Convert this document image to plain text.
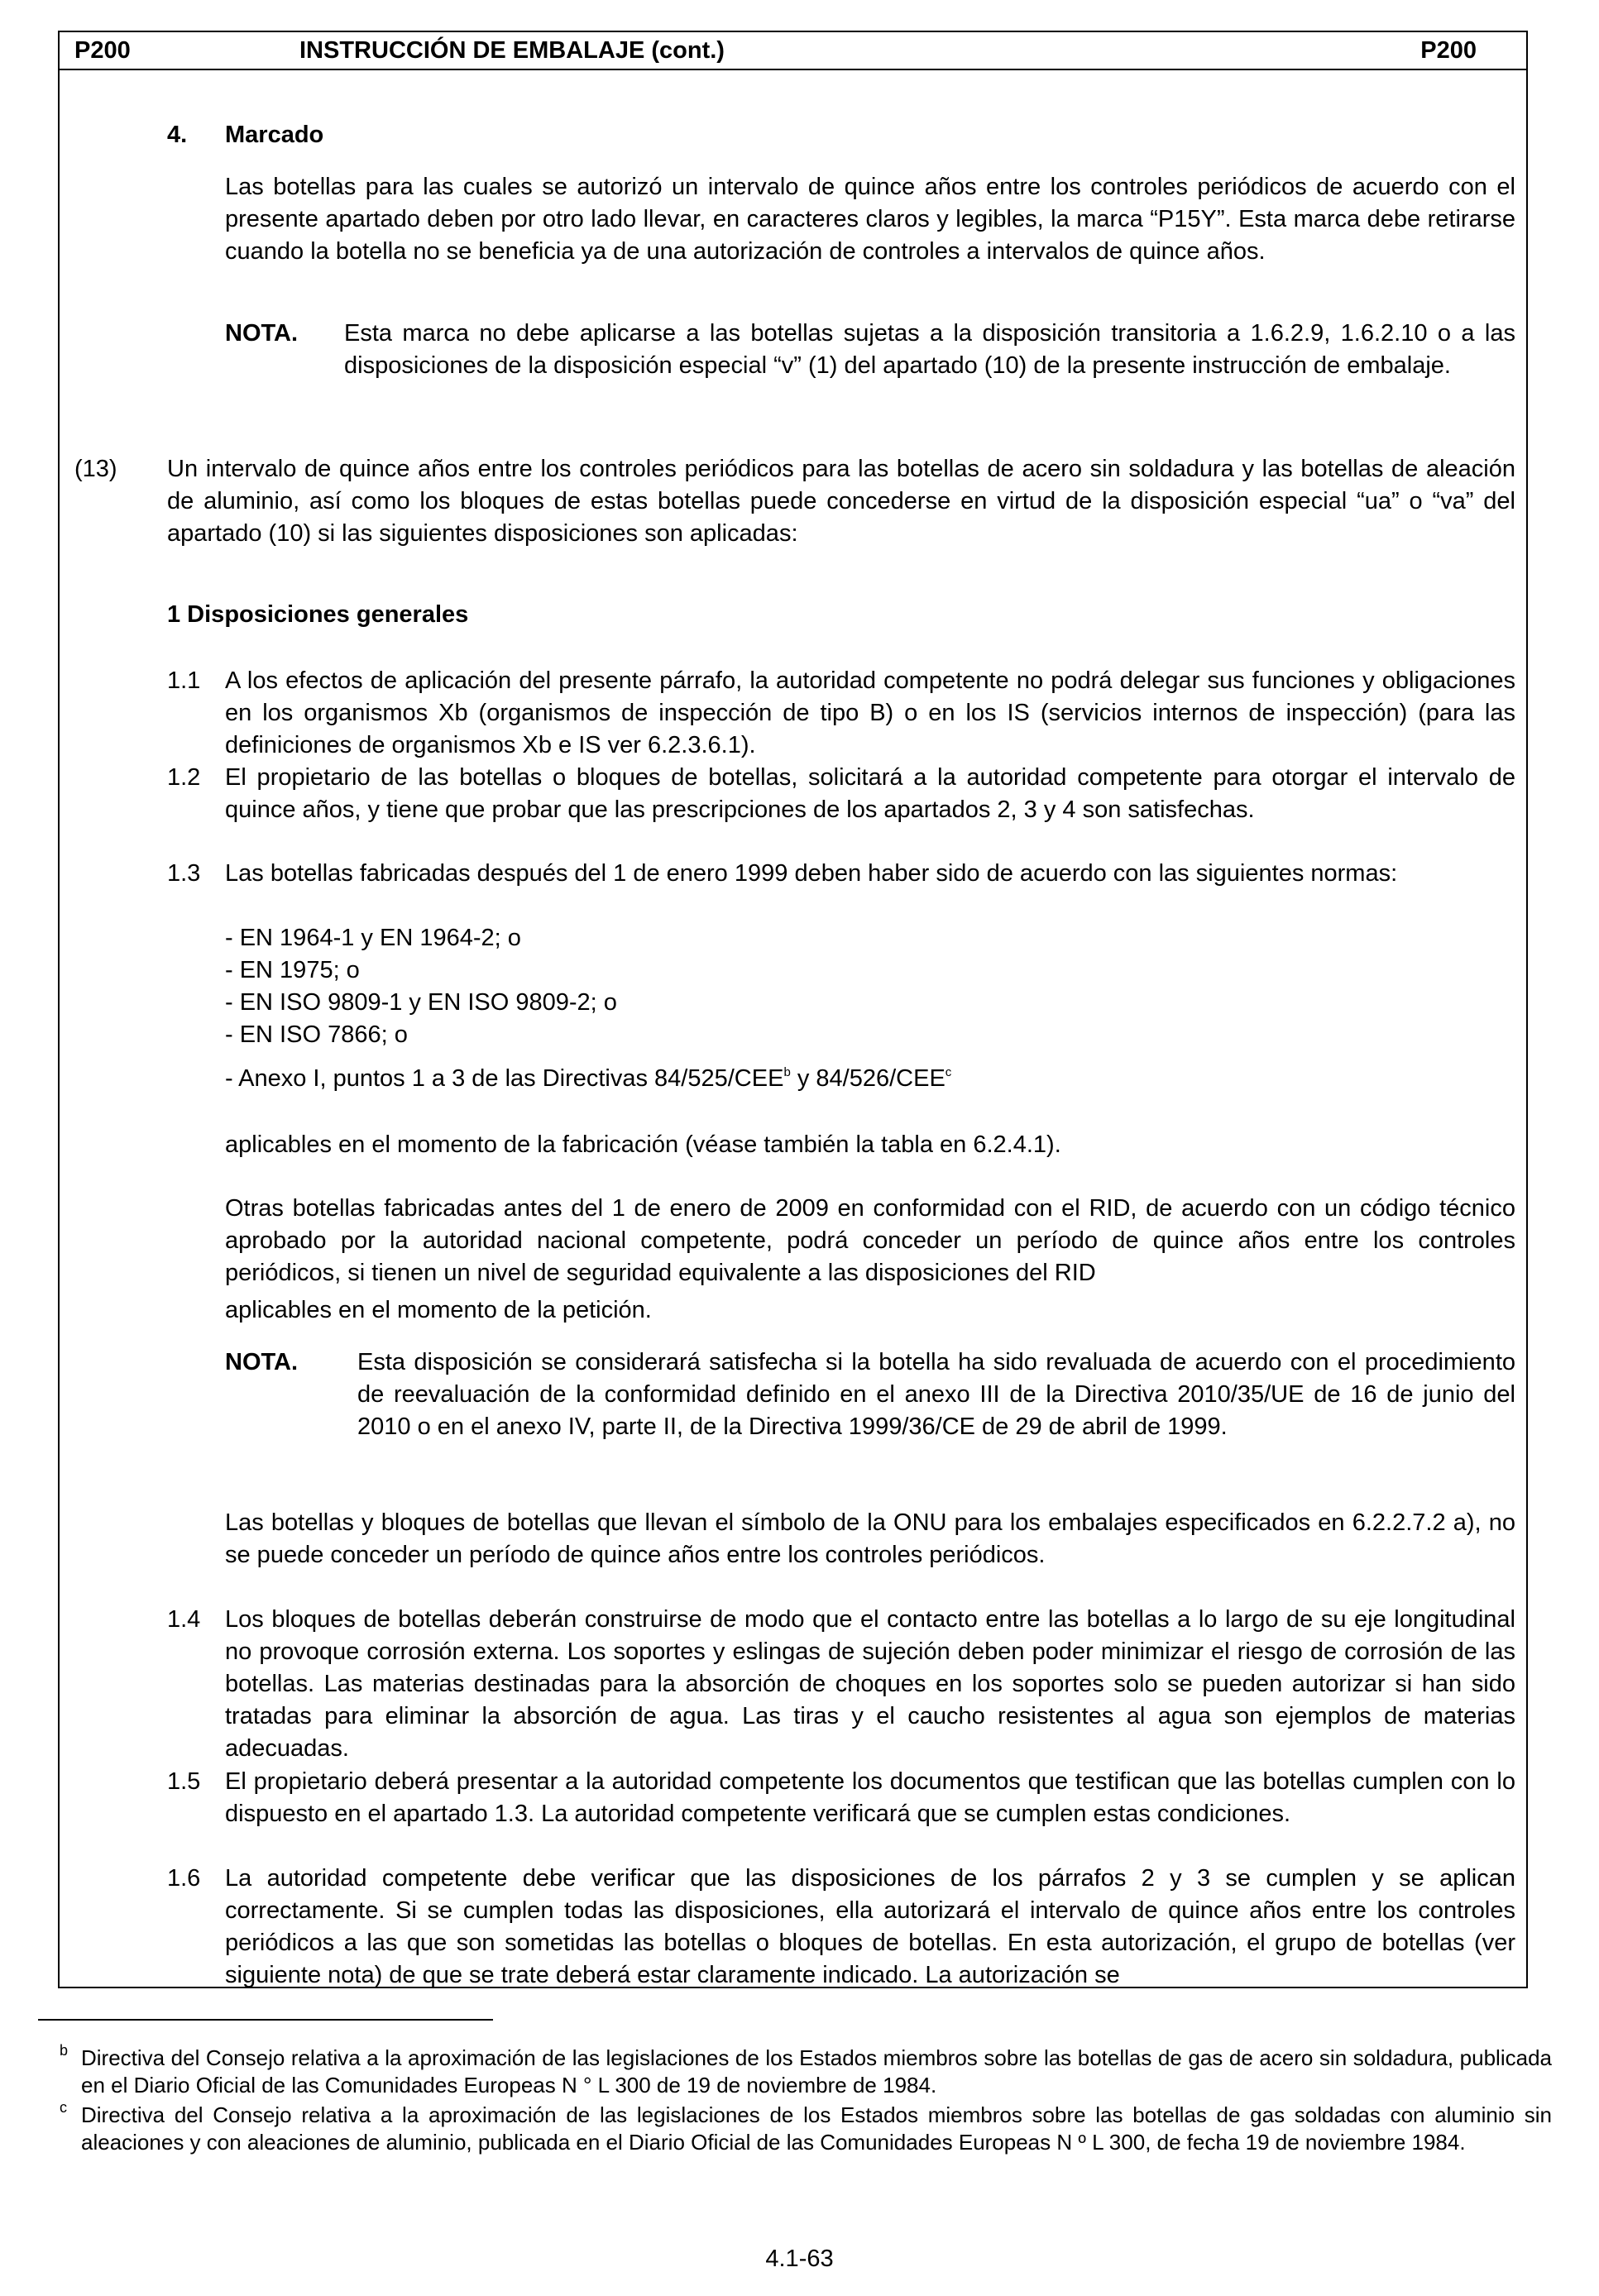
P200	INSTRUCCIÓN DE EMBALAJE (cont.)	P200
4. Marcado
Las botellas para las cuales se autorizó un intervalo de quince años entre los controles periódicos de acuerdo con el presente apartado deben por otro lado llevar, en caracteres claros y legibles, la marca “P15Y”. Esta marca debe retirarse cuando la botella no se beneficia ya de una autorización de controles a intervalos de quince años.
NOTA. Esta marca no debe aplicarse a las botellas sujetas a la disposición transitoria a 1.6.2.9, 1.6.2.10 o a las disposiciones de la disposición especial “v” (1) del apartado (10) de la presente instrucción de embalaje.
(13) Un intervalo de quince años entre los controles periódicos para las botellas de acero sin soldadura y las botellas de aleación de aluminio, así como los bloques de estas botellas puede concederse en virtud de la disposición especial “ua” o “va” del apartado (10) si las siguientes disposiciones son aplicadas:
1 Disposiciones generales
1.1 A los efectos de aplicación del presente párrafo, la autoridad competente no podrá delegar sus funciones y obligaciones en los organismos Xb (organismos de inspección de tipo B) o en los IS (servicios internos de inspección) (para las definiciones de organismos Xb e IS ver 6.2.3.6.1).
1.2 El propietario de las botellas o bloques de botellas, solicitará a la autoridad competente para otorgar el intervalo de quince años, y tiene que probar que las prescripciones de los apartados 2, 3 y 4 son satisfechas.
1.3 Las botellas fabricadas después del 1 de enero 1999 deben haber sido de acuerdo con las siguientes normas:
- EN 1964-1 y EN 1964-2; o
- EN 1975; o
- EN ISO 9809-1 y EN ISO 9809-2; o
- EN ISO 7866; o
- Anexo I, puntos 1 a 3 de las Directivas 84/525/CEE$^b$ y 84/526/CEE$^c$
aplicables en el momento de la fabricación (véase también la tabla en 6.2.4.1).
Otras botellas fabricadas antes del 1 de enero de 2009 en conformidad con el RID, de acuerdo con un código técnico aprobado por la autoridad nacional competente, podrá conceder un período de quince años entre los controles periódicos, si tienen un nivel de seguridad equivalente a las disposiciones del RID
aplicables en el momento de la petición.
NOTA. Esta disposición se considerará satisfecha si la botella ha sido revaluada de acuerdo con el procedimiento de reevaluación de la conformidad definido en el anexo III de la Directiva 2010/35/UE de 16 de junio del 2010 o en el anexo IV, parte II, de la Directiva 1999/36/CE de 29 de abril de 1999.
Las botellas y bloques de botellas que llevan el símbolo de la ONU para los embalajes especificados en 6.2.2.7.2 a), no se puede conceder un período de quince años entre los controles periódicos.
1.4 Los bloques de botellas deberán construirse de modo que el contacto entre las botellas a lo largo de su eje longitudinal no provoque corrosión externa. Los soportes y eslingas de sujeción deben poder minimizar el riesgo de corrosión de las botellas. Las materias destinadas para la absorción de choques en los soportes solo se pueden autorizar si han sido tratadas para eliminar la absorción de agua. Las tiras y el caucho resistentes al agua son ejemplos de materias adecuadas.
1.5 El propietario deberá presentar a la autoridad competente los documentos que testifican que las botellas cumplen con lo dispuesto en el apartado 1.3. La autoridad competente verificará que se cumplen estas condiciones.
1.6 La autoridad competente debe verificar que las disposiciones de los párrafos 2 y 3 se cumplen y se aplican correctamente. Si se cumplen todas las disposiciones, ella autorizará el intervalo de quince años entre los controles periódicos a las que son sometidas las botellas o bloques de botellas. En esta autorización, el grupo de botellas (ver siguiente nota) de que se trate deberá estar claramente indicado. La autorización se
b Directiva del Consejo relativa a la aproximación de las legislaciones de los Estados miembros sobre las botellas de gas de acero sin soldadura, publicada en el Diario Oficial de las Comunidades Europeas N ° L 300 de 19 de noviembre de 1984.
c Directiva del Consejo relativa a la aproximación de las legislaciones de los Estados miembros sobre las botellas de gas soldadas con aluminio sin aleaciones y con aleaciones de aluminio, publicada en el Diario Oficial de las Comunidades Europeas N º L 300, de fecha 19 de noviembre 1984.
4.1-63
